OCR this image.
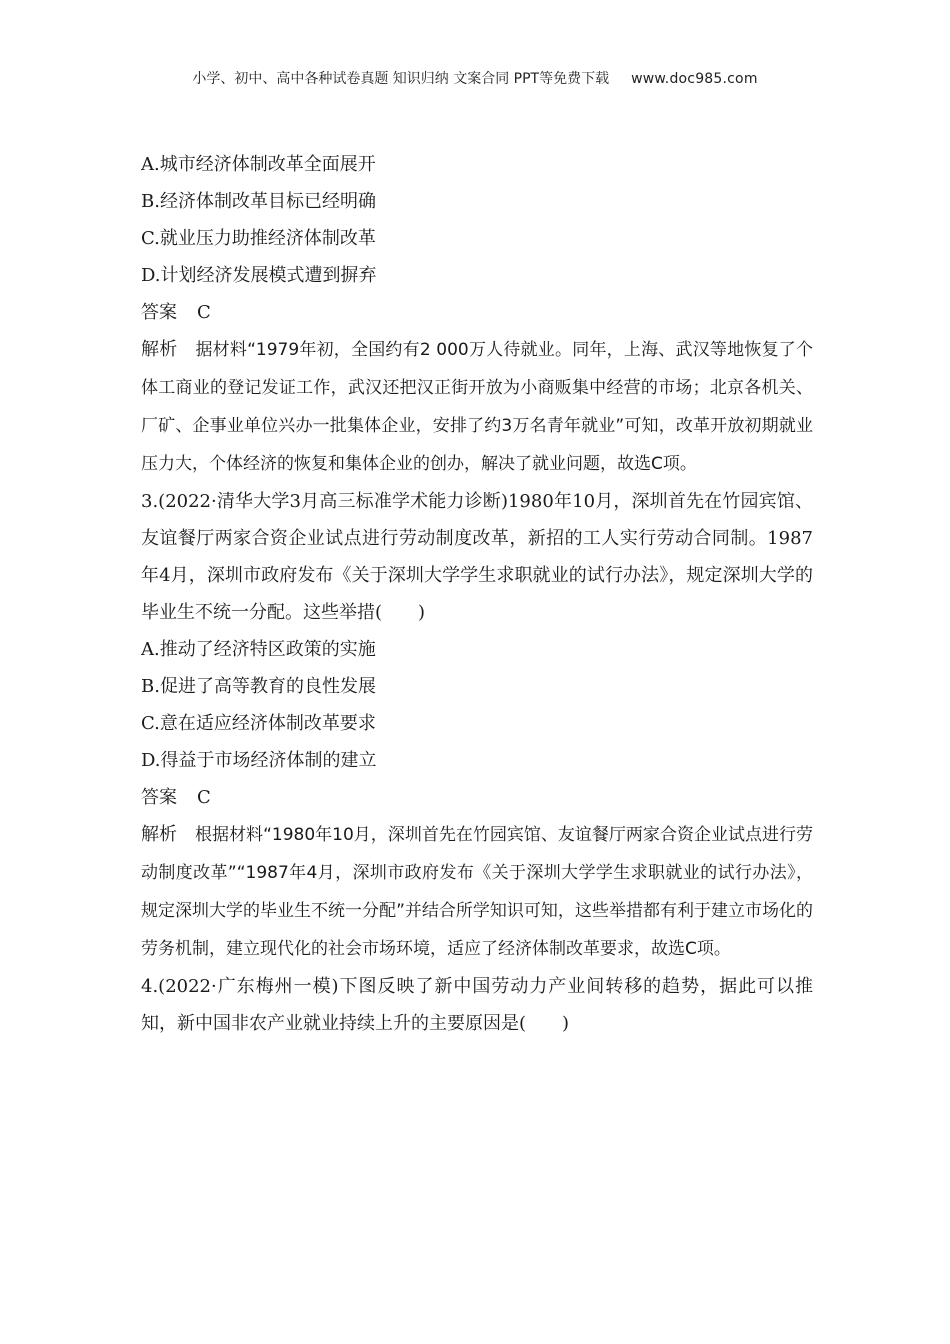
小学、初中、高中各种试卷真题 知识归纳 文案合同 PPT等免费下载 www.doc985.com
A.城市经济体制改革全面展开
B.经济体制改革目标已经明确
C.就业压力助推经济体制改革
D.计划经济发展模式遭到摒弃
答案 C
解析 据材料“1979年初，全国约有2 000万人待就业。同年，上海、武汉等地恢复了个体工商业的登记发证工作，武汉还把汉正街开放为小商贩集中经营的市场；北京各机关、厂矿、企事业单位兴办一批集体企业，安排了约3万名青年就业”可知，改革开放初期就业压力大，个体经济的恢复和集体企业的创办，解决了就业问题，故选C项。
3.(2022·清华大学3月高三标准学术能力诊断)1980年10月，深圳首先在竹园宾馆、友谊餐厅两家合资企业试点进行劳动制度改革，新招的工人实行劳动合同制。1987年4月，深圳市政府发布《关于深圳大学学生求职就业的试行办法》，规定深圳大学的毕业生不统一分配。这些举措(　　)
A.推动了经济特区政策的实施
B.促进了高等教育的良性发展
C.意在适应经济体制改革要求
D.得益于市场经济体制的建立
答案 C
解析 根据材料“1980年10月，深圳首先在竹园宾馆、友谊餐厅两家合资企业试点进行劳动制度改革”“1987年4月，深圳市政府发布《关于深圳大学学生求职就业的试行办法》，规定深圳大学的毕业生不统一分配”并结合所学知识可知，这些举措都有利于建立市场化的劳务机制，建立现代化的社会市场环境，适应了经济体制改革要求，故选C项。
4.(2022·广东梅州一模)下图反映了新中国劳动力产业间转移的趋势，据此可以推知，新中国非农产业就业持续上升的主要原因是(　　)
